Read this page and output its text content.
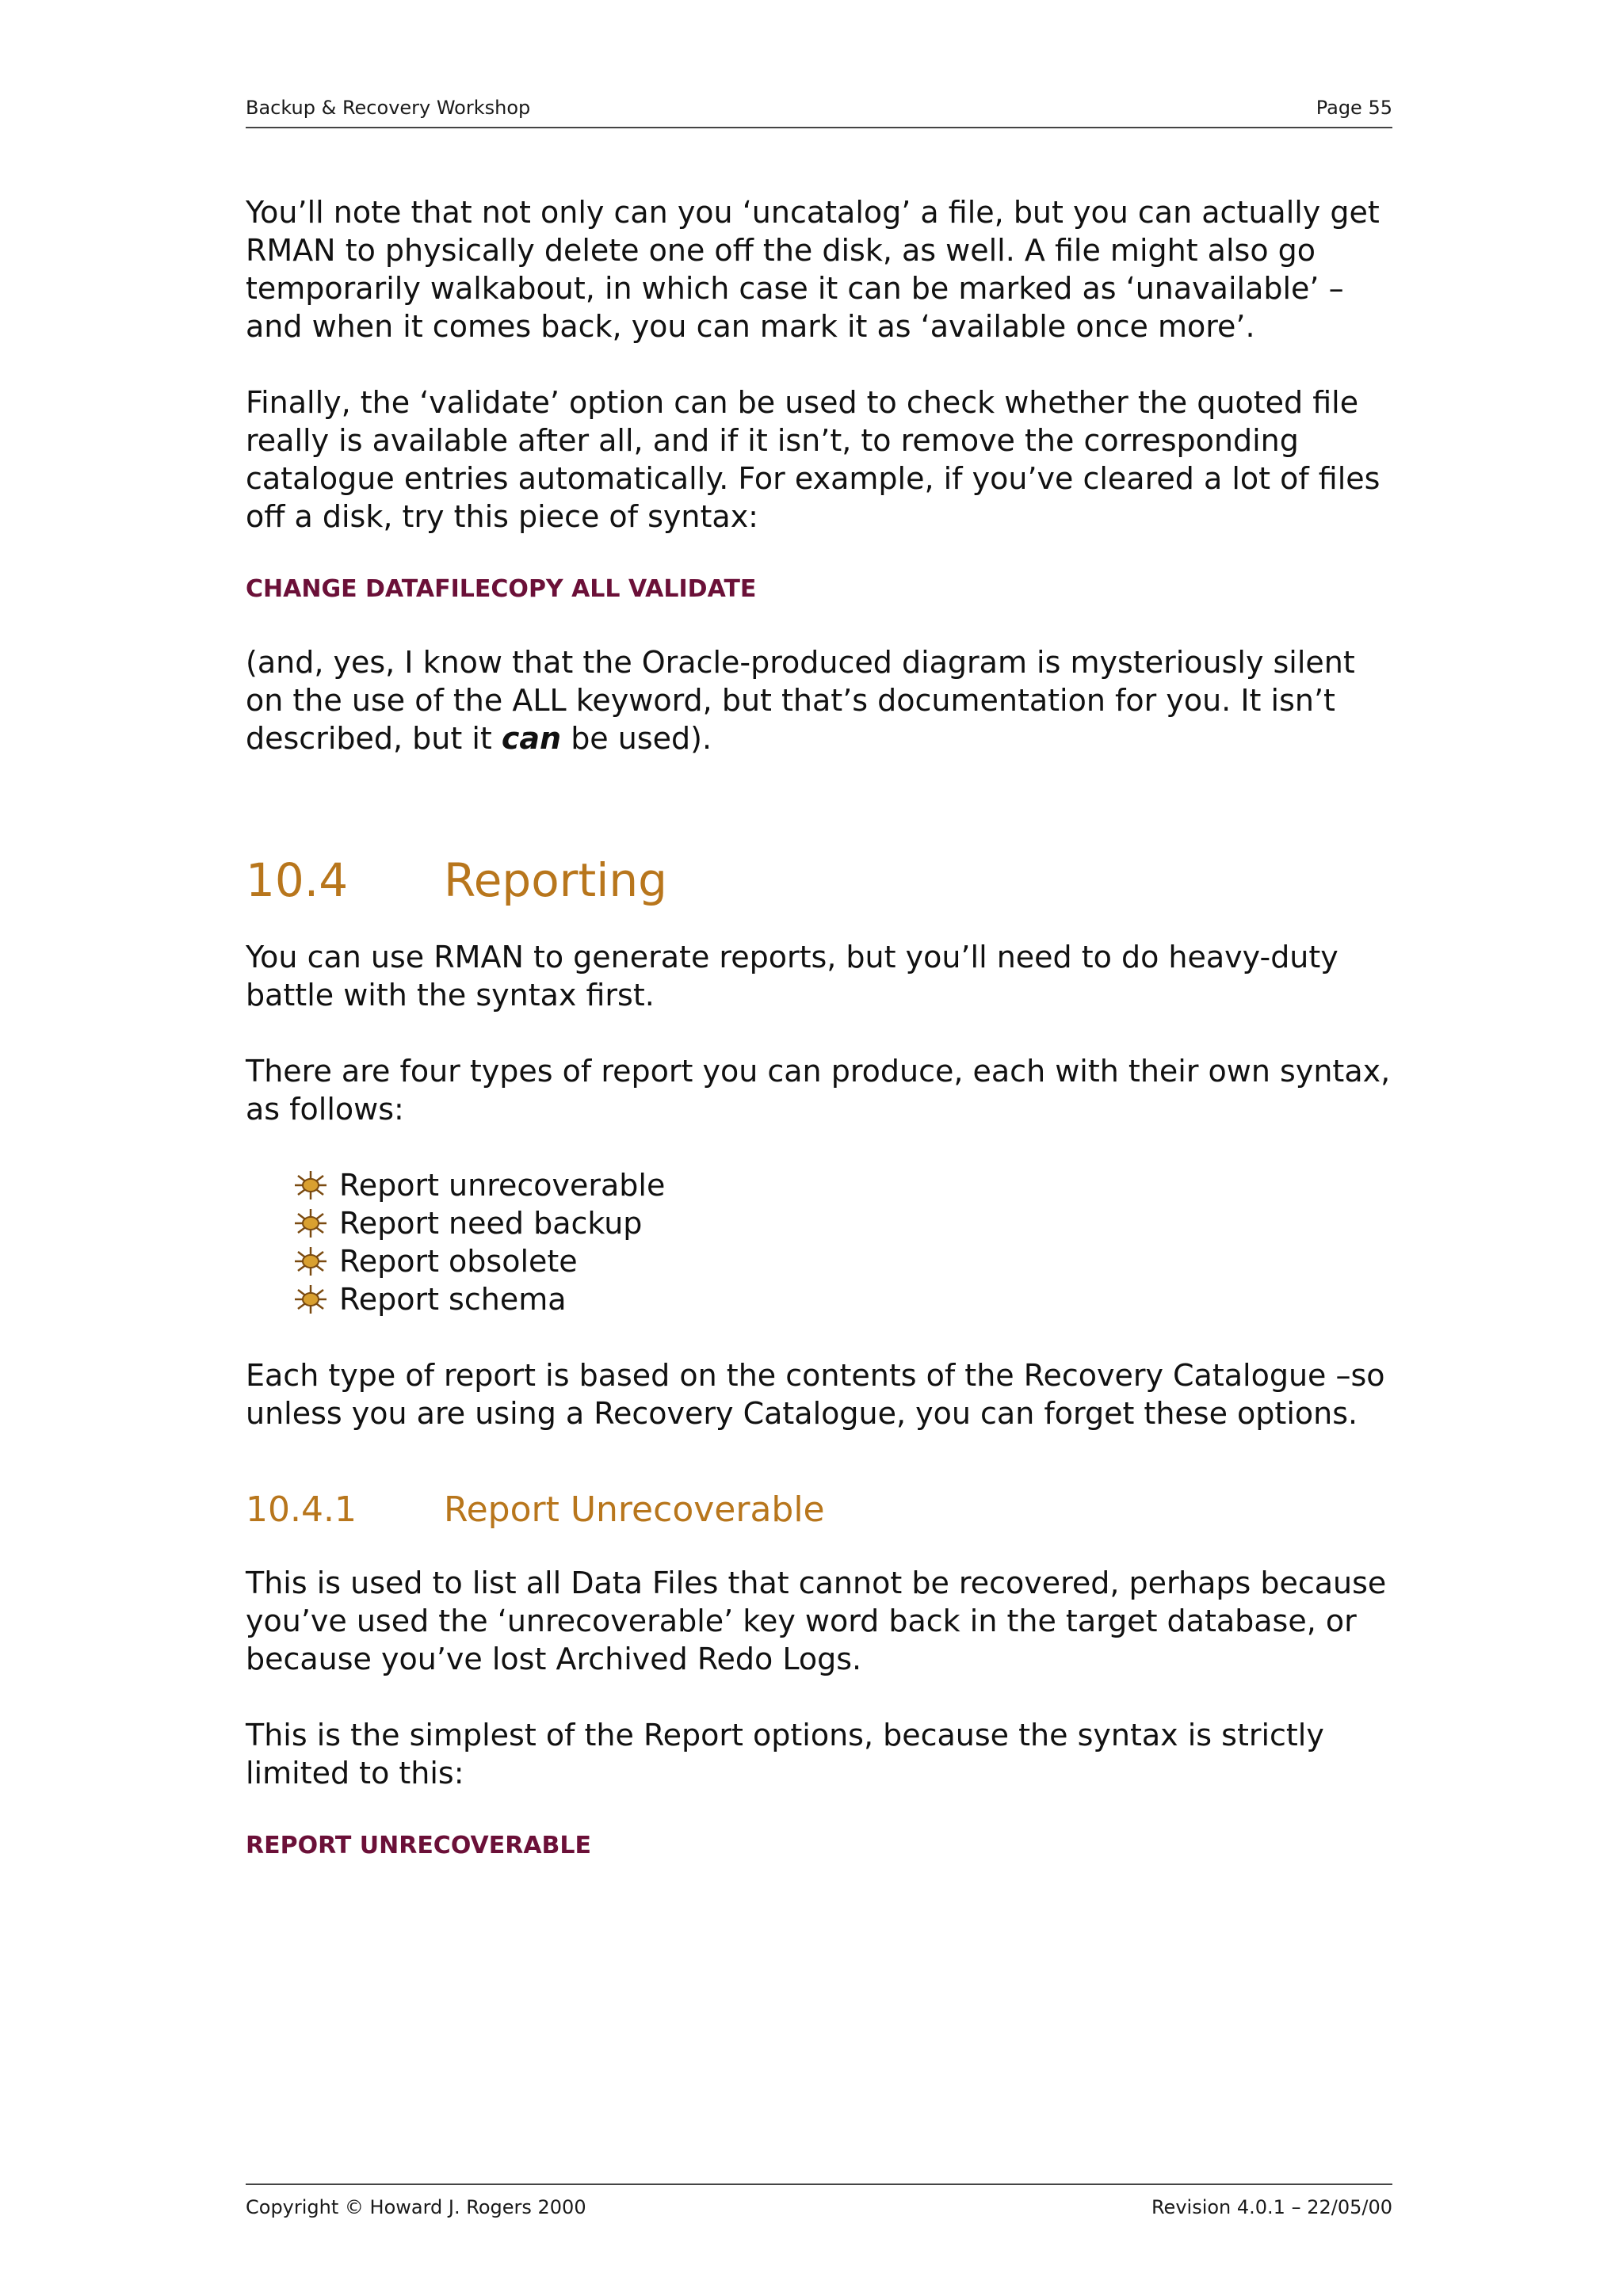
Backup & Recovery Workshop	Page 55

You’ll note that not only can you ‘uncatalog’ a file, but you can actually get RMAN to physically delete one off the disk, as well. A file might also go temporarily walkabout, in which case it can be marked as ‘unavailable’ –and when it comes back, you can mark it as ‘available once more’.

Finally, the ‘validate’ option can be used to check whether the quoted file really is available after all, and if it isn’t, to remove the corresponding catalogue entries automatically. For example, if you’ve cleared a lot of files off a disk, try this piece of syntax:

CHANGE DATAFILECOPY ALL VALIDATE

(and, yes, I know that the Oracle-produced diagram is mysteriously silent on the use of the ALL keyword, but that’s documentation for you. It isn’t described, but it can be used).

10.4 Reporting

You can use RMAN to generate reports, but you’ll need to do heavy-duty battle with the syntax first.

There are four types of report you can produce, each with their own syntax, as follows:

Report unrecoverable
Report need backup
Report obsolete
Report schema

Each type of report is based on the contents of the Recovery Catalogue –so unless you are using a Recovery Catalogue, you can forget these options.

10.4.1	Report Unrecoverable

This is used to list all Data Files that cannot be recovered, perhaps because you’ve used the ‘unrecoverable’ key word back in the target database, or because you’ve lost Archived Redo Logs.

This is the simplest of the Report options, because the syntax is strictly limited to this:

REPORT UNRECOVERABLE

Copyright © Howard J. Rogers 2000	Revision 4.0.1 – 22/05/00
